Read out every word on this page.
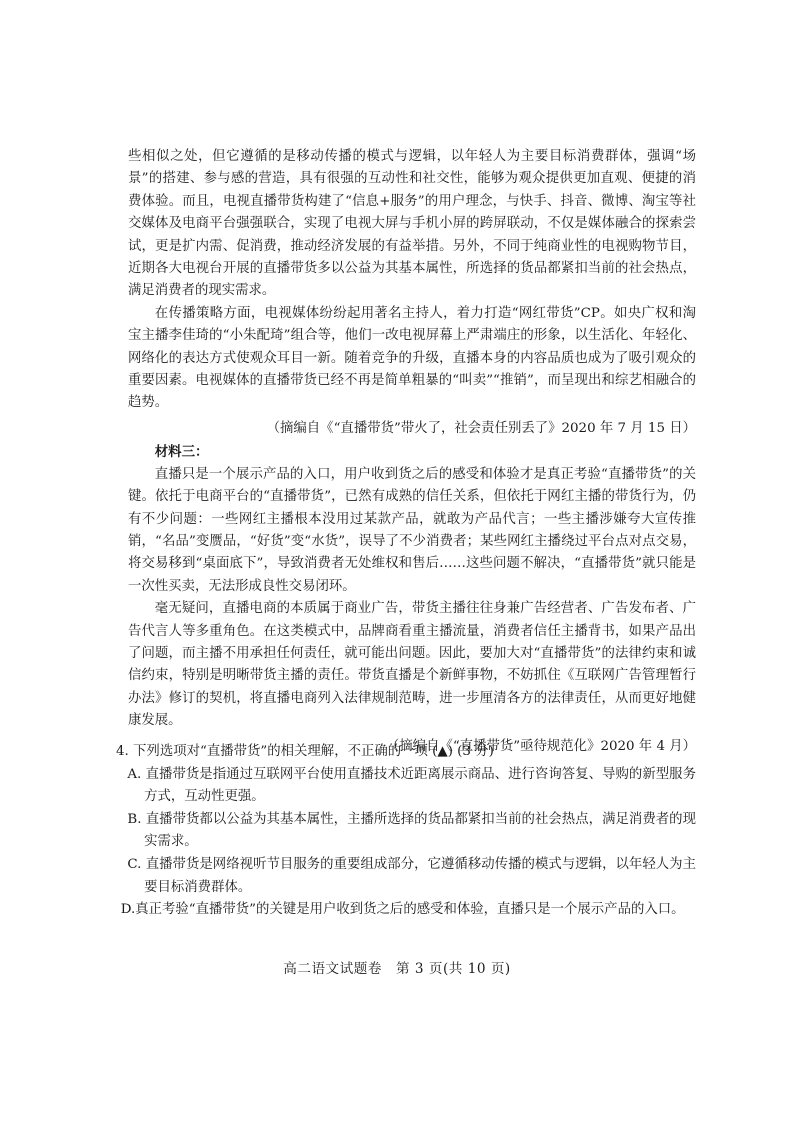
些相似之处，但它遵循的是移动传播的模式与逻辑，以年轻人为主要目标消费群体，强调“场景”的搭建、参与感的营造，具有很强的互动性和社交性，能够为观众提供更加直观、便捷的消费体验。而且，电视直播带货构建了“信息+服务”的用户理念，与快手、抖音、微博、淘宝等社交媒体及电商平台强强联合，实现了电视大屏与手机小屏的跨屏联动，不仅是媒体融合的探索尝试，更是扩内需、促消费，推动经济发展的有益举措。另外，不同于纯商业性的电视购物节目，近期各大电视台开展的直播带货多以公益为其基本属性，所选择的货品都紧扣当前的社会热点，满足消费者的现实需求。

在传播策略方面，电视媒体纷纷起用著名主持人，着力打造“网红带货”CP。如央广权和淘宝主播李佳琦的“小朱配琦”组合等，他们一改电视屏幕上严肃端庄的形象，以生活化、年轻化、网络化的表达方式使观众耳目一新。随着竞争的升级，直播本身的内容品质也成为了吸引观众的重要因素。电视媒体的直播带货已经不再是简单粗暴的“叫卖”“推销”，而呈现出和综艺相融合的趋势。

（摘编自《“直播带货”带火了，社会责任别丢了》2020 年 7 月 15 日）

材料三：

直播只是一个展示产品的入口，用户收到货之后的感受和体验才是真正考验“直播带货”的关键。依托于电商平台的“直播带货”，已然有成熟的信任关系，但依托于网红主播的带货行为，仍有不少问题：一些网红主播根本没用过某款产品，就敢为产品代言；一些主播涉嫌夸大宣传推销，“名品”变赝品，“好货”变“水货”，误导了不少消费者；某些网红主播绕过平台点对点交易，将交易移到“桌面底下”，导致消费者无处维权和售后……这些问题不解决，“直播带货”就只能是一次性买卖，无法形成良性交易闭环。

毫无疑问，直播电商的本质属于商业广告，带货主播往往身兼广告经营者、广告发布者、广告代言人等多重角色。在这类模式中，品牌商看重主播流量，消费者信任主播背书，如果产品出了问题，而主播不用承担任何责任，就可能出问题。因此，要加大对“直播带货”的法律约束和诚信约束，特别是明晰带货主播的责任。带货直播是个新鲜事物，不妨抓住《互联网广告管理暂行办法》修订的契机，将直播电商列入法律规制范畴，进一步厘清各方的法律责任，从而更好地健康发展。

（摘编自《“直播带货”亟待规范化》2020 年 4 月）

4. 下列选项对“直播带货”的相关理解，不正确的一项 (▲) (3 分)

A. 直播带货是指通过互联网平台使用直播技术近距离展示商品、进行咨询答复、导购的新型服务方式，互动性更强。

B. 直播带货都以公益为其基本属性，主播所选择的货品都紧扣当前的社会热点，满足消费者的现实需求。

C. 直播带货是网络视听节目服务的重要组成部分，它遵循移动传播的模式与逻辑，以年轻人为主要目标消费群体。

D.真正考验“直播带货”的关键是用户收到货之后的感受和体验，直播只是一个展示产品的入口。

高二语文试题卷　第 3 页(共 10 页)
